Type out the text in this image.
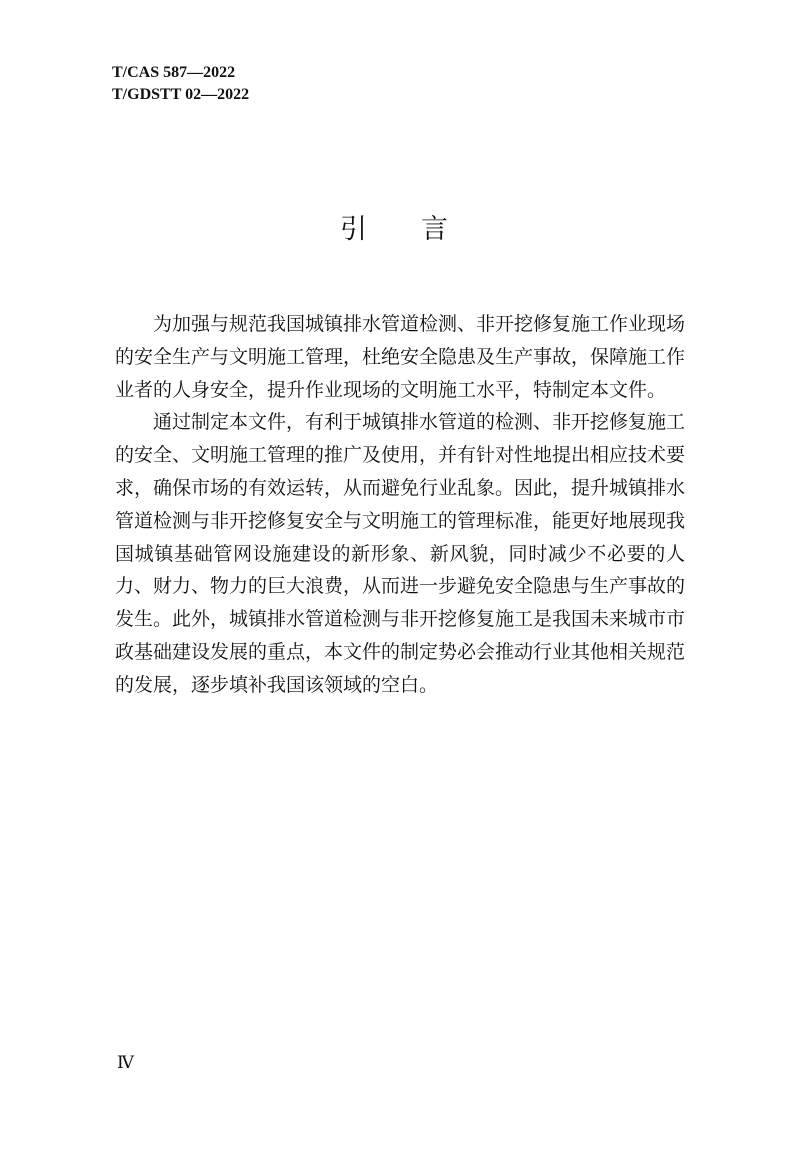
T/CAS 587—2022
T/GDSTT 02—2022
引 言

为加强与规范我国城镇排水管道检测、非开挖修复施工作业现场的安全生产与文明施工管理，杜绝安全隐患及生产事故，保障施工作业者的人身安全，提升作业现场的文明施工水平，特制定本文件。

通过制定本文件，有利于城镇排水管道的检测、非开挖修复施工的安全、文明施工管理的推广及使用，并有针对性地提出相应技术要求，确保市场的有效运转，从而避免行业乱象。因此，提升城镇排水管道检测与非开挖修复安全与文明施工的管理标准，能更好地展现我国城镇基础管网设施建设的新形象、新风貌，同时减少不必要的人力、财力、物力的巨大浪费，从而进一步避免安全隐患与生产事故的发生。此外，城镇排水管道检测与非开挖修复施工是我国未来城市市政基础建设发展的重点，本文件的制定势必会推动行业其他相关规范的发展，逐步填补我国该领域的空白。

Ⅳ
